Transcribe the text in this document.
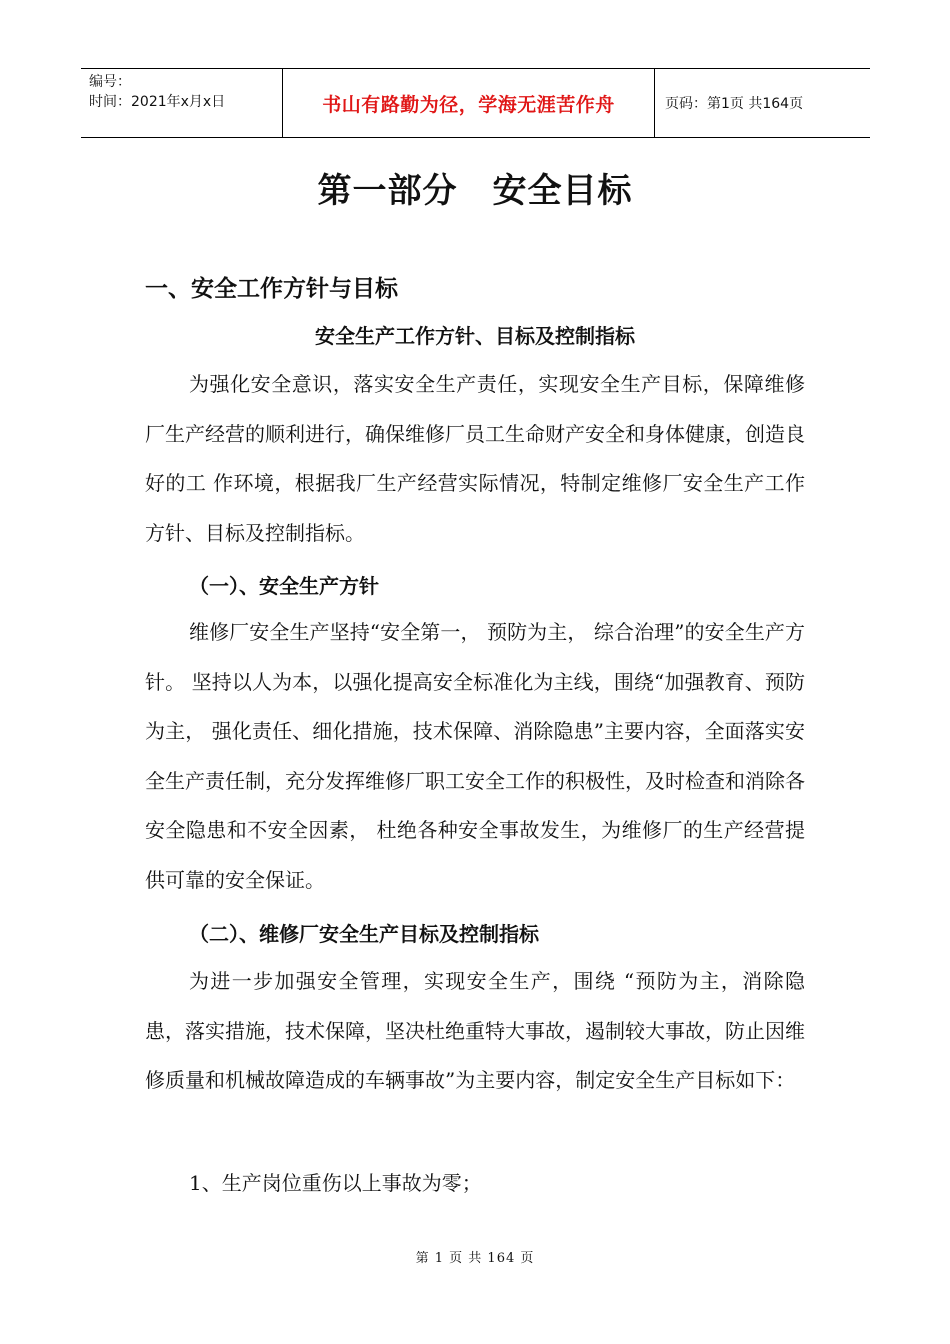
编号：
时间：2021年x月x日	书山有路勤为径，学海无涯苦作舟	页码：第1页 共164页
第一部分　安全目标
一、安全工作方针与目标
安全生产工作方针、目标及控制指标

为强化安全意识，落实安全生产责任，实现安全生产目标，保障维修厂生产经营的顺利进行，确保维修厂员工生命财产安全和身体健康，创造良好的工 作环境，根据我厂生产经营实际情况，特制定维修厂安全生产工作方针、目标及控制指标。

（一）、安全生产方针

维修厂安全生产坚持“安全第一， 预防为主， 综合治理”的安全生产方针。 坚持以人为本，以强化提高安全标准化为主线，围绕“加强教育、预防为主， 强化责任、细化措施，技术保障、消除隐患”主要内容，全面落实安全生产责任制，充分发挥维修厂职工安全工作的积极性，及时检查和消除各安全隐患和不安全因素， 杜绝各种安全事故发生，为维修厂的生产经营提供可靠的安全保证。

（二）、维修厂安全生产目标及控制指标

为进一步加强安全管理，实现安全生产，围绕 “预防为主，消除隐患，落实措施，技术保障，坚决杜绝重特大事故，遏制较大事故，防止因维修质量和机械故障造成的车辆事故”为主要内容，制定安全生产目标如下：

1、生产岗位重伤以上事故为零；
第 1 页 共 164 页
